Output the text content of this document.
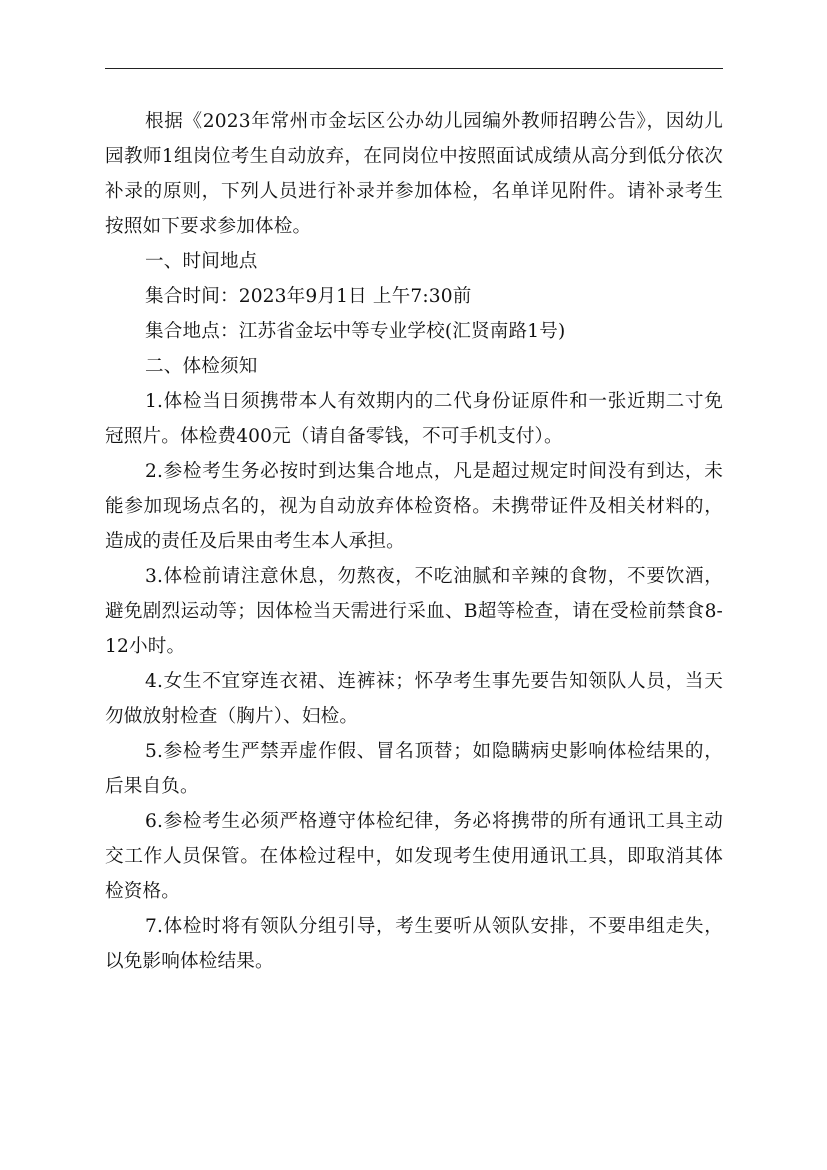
根据《2023年常州市金坛区公办幼儿园编外教师招聘公告》，因幼儿园教师1组岗位考生自动放弃，在同岗位中按照面试成绩从高分到低分依次补录的原则，下列人员进行补录并参加体检，名单详见附件。请补录考生按照如下要求参加体检。

一、时间地点

集合时间：2023年9月1日 上午7:30前

集合地点：江苏省金坛中等专业学校(汇贤南路1号)

二、体检须知

1.体检当日须携带本人有效期内的二代身份证原件和一张近期二寸免冠照片。体检费400元（请自备零钱，不可手机支付）。

2.参检考生务必按时到达集合地点，凡是超过规定时间没有到达，未能参加现场点名的，视为自动放弃体检资格。未携带证件及相关材料的，造成的责任及后果由考生本人承担。

3.体检前请注意休息，勿熬夜，不吃油腻和辛辣的食物，不要饮酒，避免剧烈运动等；因体检当天需进行采血、B超等检查，请在受检前禁食8-12小时。

4.女生不宜穿连衣裙、连裤袜；怀孕考生事先要告知领队人员，当天勿做放射检查（胸片）、妇检。

5.参检考生严禁弄虚作假、冒名顶替；如隐瞒病史影响体检结果的，后果自负。

6.参检考生必须严格遵守体检纪律，务必将携带的所有通讯工具主动交工作人员保管。在体检过程中，如发现考生使用通讯工具，即取消其体检资格。

7.体检时将有领队分组引导，考生要听从领队安排，不要串组走失，以免影响体检结果。
